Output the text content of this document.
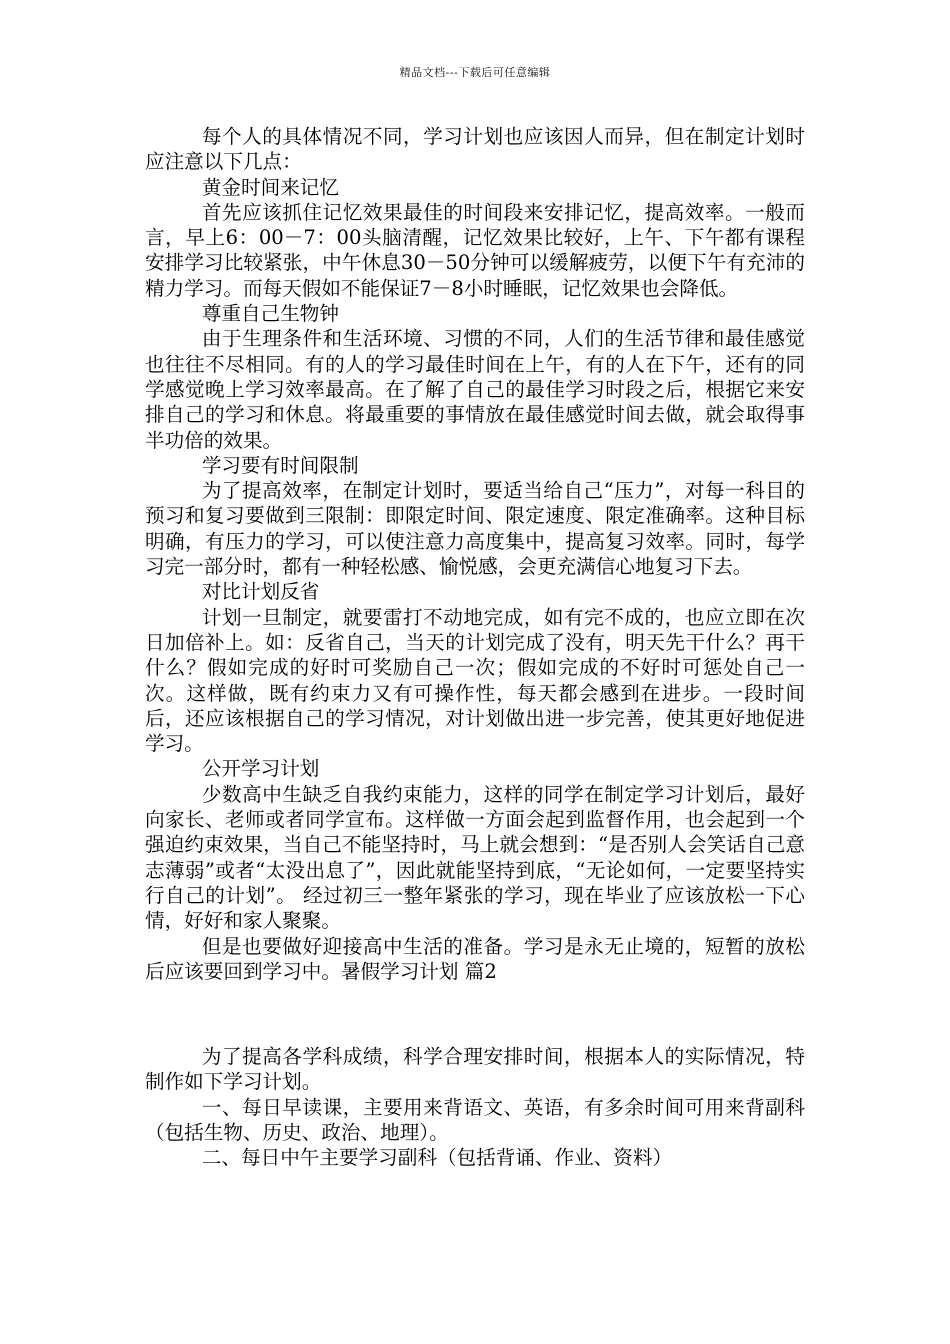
精品文档---下载后可任意编辑

每个人的具体情况不同，学习计划也应该因人而异，但在制定计划时应注意以下几点：

黄金时间来记忆

首先应该抓住记忆效果最佳的时间段来安排记忆，提高效率。一般而言，早上6：00－7：00头脑清醒，记忆效果比较好，上午、下午都有课程安排学习比较紧张，中午休息30－50分钟可以缓解疲劳，以便下午有充沛的精力学习。而每天假如不能保证7－8小时睡眠，记忆效果也会降低。

尊重自己生物钟

由于生理条件和生活环境、习惯的不同，人们的生活节律和最佳感觉也往往不尽相同。有的人的学习最佳时间在上午，有的人在下午，还有的同学感觉晚上学习效率最高。在了解了自己的最佳学习时段之后，根据它来安排自己的学习和休息。将最重要的事情放在最佳感觉时间去做，就会取得事半功倍的效果。

学习要有时间限制

为了提高效率，在制定计划时，要适当给自己“压力”，对每一科目的预习和复习要做到三限制：即限定时间、限定速度、限定准确率。这种目标明确，有压力的学习，可以使注意力高度集中，提高复习效率。同时，每学习完一部分时，都有一种轻松感、愉悦感，会更充满信心地复习下去。

对比计划反省

计划一旦制定，就要雷打不动地完成，如有完不成的，也应立即在次日加倍补上。如：反省自己，当天的计划完成了没有，明天先干什么？再干什么？假如完成的好时可奖励自己一次；假如完成的不好时可惩处自己一次。这样做，既有约束力又有可操作性，每天都会感到在进步。一段时间后，还应该根据自己的学习情况，对计划做出进一步完善，使其更好地促进学习。

公开学习计划

少数高中生缺乏自我约束能力，这样的同学在制定学习计划后，最好向家长、老师或者同学宣布。这样做一方面会起到监督作用，也会起到一个强迫约束效果，当自己不能坚持时，马上就会想到：“是否别人会笑话自己意志薄弱”或者“太没出息了”，因此就能坚持到底，“无论如何，一定要坚持实行自己的计划”。 经过初三一整年紧张的学习，现在毕业了应该放松一下心情，好好和家人聚聚。

但是也要做好迎接高中生活的准备。学习是永无止境的，短暂的放松后应该要回到学习中。暑假学习计划 篇2

为了提高各学科成绩，科学合理安排时间，根据本人的实际情况，特制作如下学习计划。

一、每日早读课，主要用来背语文、英语，有多余时间可用来背副科（包括生物、历史、政治、地理）。

二、每日中午主要学习副科（包括背诵、作业、资料）
